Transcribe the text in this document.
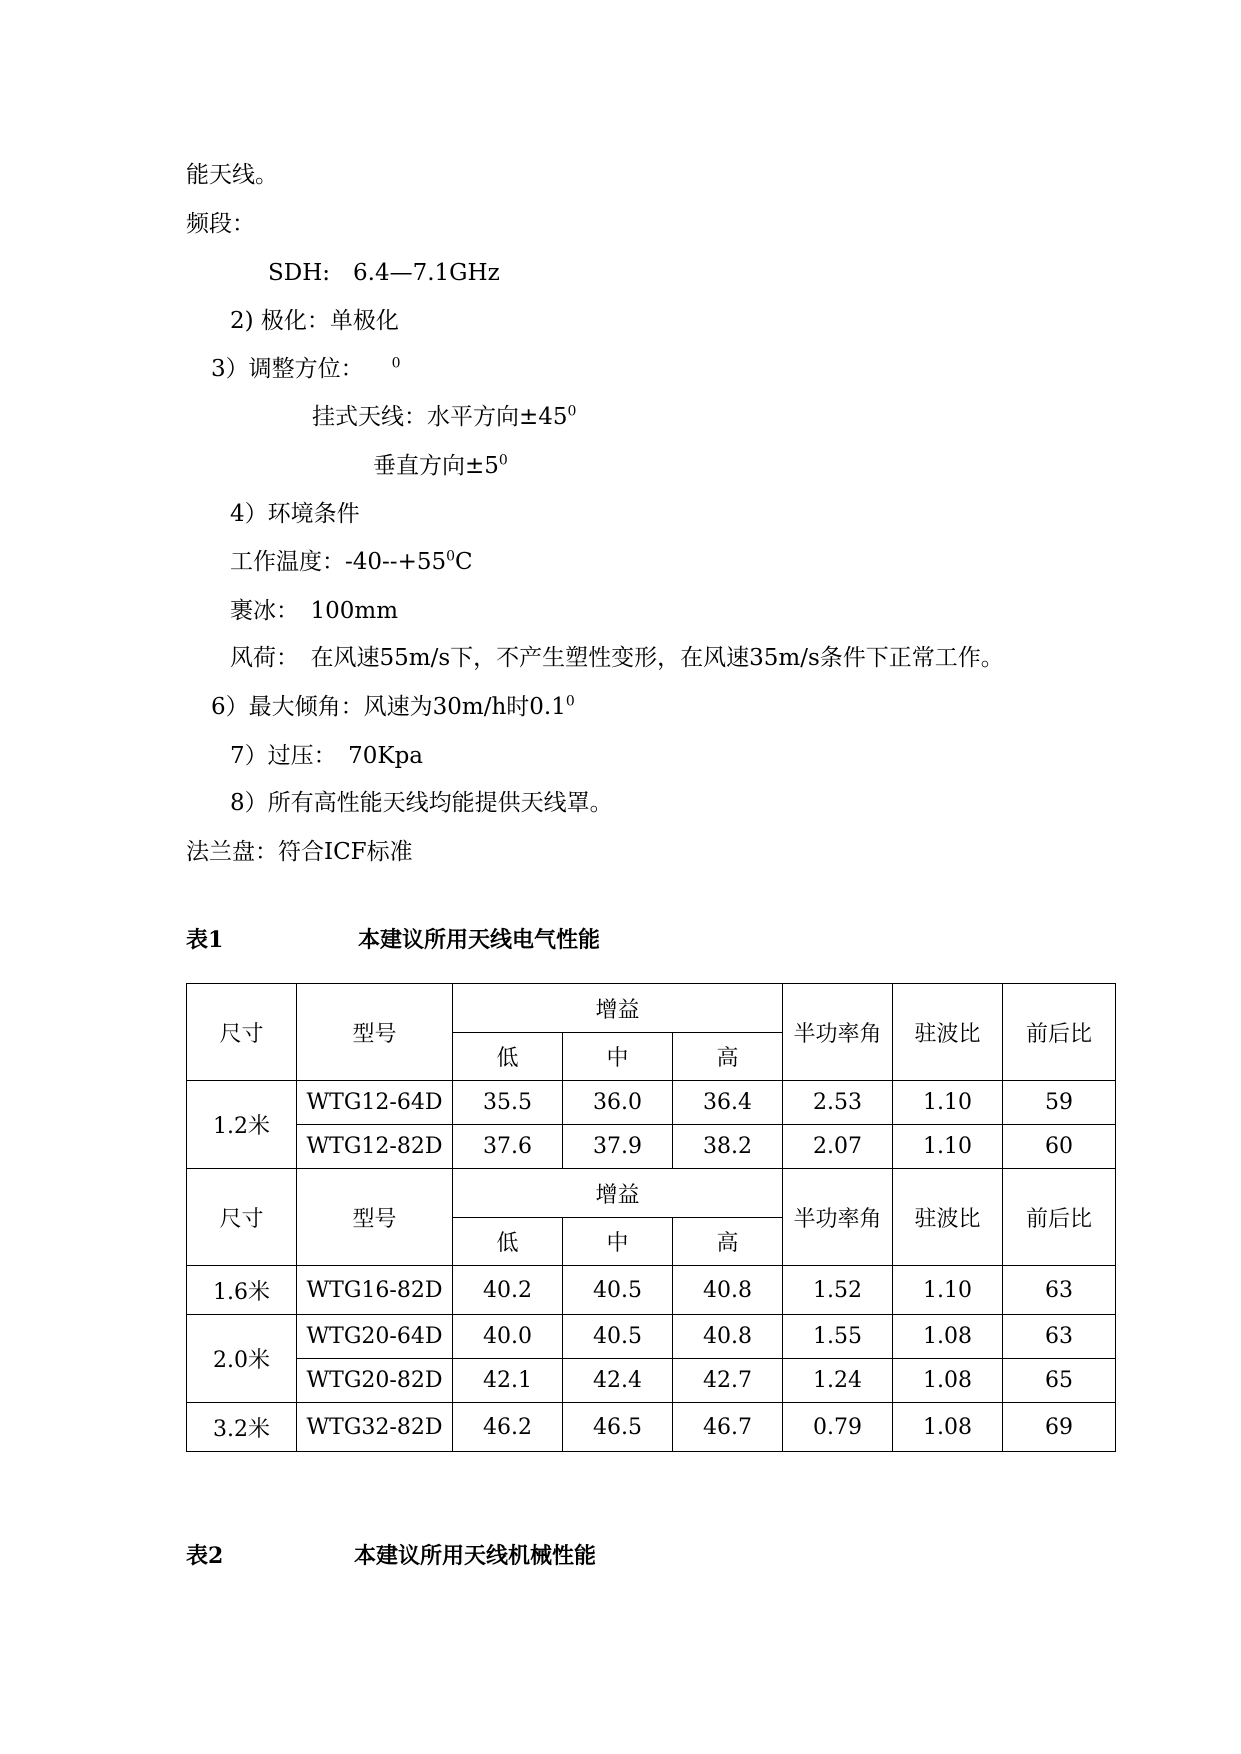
能天线。
频段：
SDH:　6.4—7.1GHz
2) 极化：单极化
3）调整方位： $^0$
挂式天线：水平方向$\pm 45^0$
垂直方向$\pm 5^0$
4）环境条件
工作温度：$-40--+55^0C$
裹冰：　100mm
风荷：　在风速55m/s下，不产生塑性变形，在风速35m/s条件下正常工作。
6）最大倾角：风速为30m/h时$0.1^0$
7）过压：　70Kpa
8）所有高性能天线均能提供天线罩。
法兰盘：符合ICF标准
表1	本建议所用天线电气性能
尺寸	型号	增益			半功率角	驻波比	前后比
		低	中	高			
1.2米	WTG12-64D	35.5	36.0	36.4	2.53	1.10	59
	WTG12-82D	37.6	37.9	38.2	2.07	1.10	60
尺寸	型号	增益			半功率角	驻波比	前后比
		低	中	高			
1.6米	WTG16-82D	40.2	40.5	40.8	1.52	1.10	63
2.0米	WTG20-64D	40.0	40.5	40.8	1.55	1.08	63
	WTG20-82D	42.1	42.4	42.7	1.24	1.08	65
3.2米	WTG32-82D	46.2	46.5	46.7	0.79	1.08	69
表2	本建议所用天线机械性能
